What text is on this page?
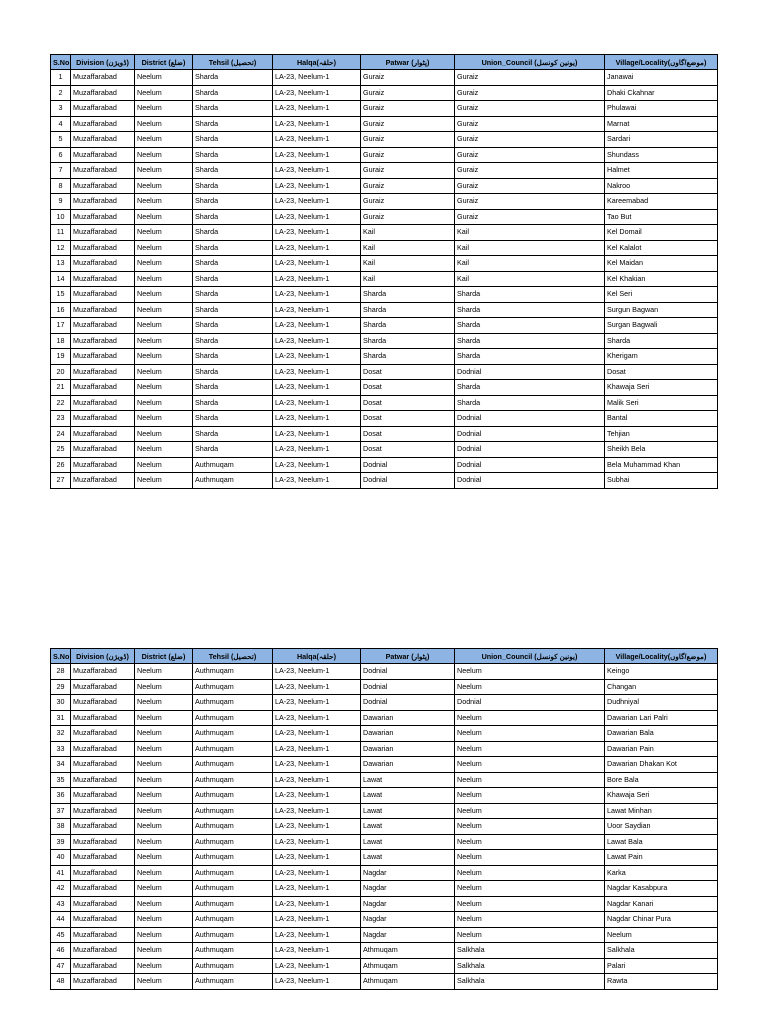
S.No	Division (ڈویژن)	District (ضلع)	Tehsil (تحصیل)	Halqa(حلقہ)	Patwar (پٹوار)	Union_Council (یونین کونسل)	Village/Locality(موضع/گاوں)
1	Muzaffarabad	Neelum	Sharda	LA-23, Neelum-1	Guraiz	Guraiz	Janawai
2	Muzaffarabad	Neelum	Sharda	LA-23, Neelum-1	Guraiz	Guraiz	Dhaki Ckahnar
3	Muzaffarabad	Neelum	Sharda	LA-23, Neelum-1	Guraiz	Guraiz	Phulawai
4	Muzaffarabad	Neelum	Sharda	LA-23, Neelum-1	Guraiz	Guraiz	Marnat
5	Muzaffarabad	Neelum	Sharda	LA-23, Neelum-1	Guraiz	Guraiz	Sardari
6	Muzaffarabad	Neelum	Sharda	LA-23, Neelum-1	Guraiz	Guraiz	Shundass
7	Muzaffarabad	Neelum	Sharda	LA-23, Neelum-1	Guraiz	Guraiz	Halmet
8	Muzaffarabad	Neelum	Sharda	LA-23, Neelum-1	Guraiz	Guraiz	Nakroo
9	Muzaffarabad	Neelum	Sharda	LA-23, Neelum-1	Guraiz	Guraiz	Kareemabad
10	Muzaffarabad	Neelum	Sharda	LA-23, Neelum-1	Guraiz	Guraiz	Tao But
11	Muzaffarabad	Neelum	Sharda	LA-23, Neelum-1	Kail	Kail	Kel Domail
12	Muzaffarabad	Neelum	Sharda	LA-23, Neelum-1	Kail	Kail	Kel Kalalot
13	Muzaffarabad	Neelum	Sharda	LA-23, Neelum-1	Kail	Kail	Kel Maidan
14	Muzaffarabad	Neelum	Sharda	LA-23, Neelum-1	Kail	Kail	Kel Khakian
15	Muzaffarabad	Neelum	Sharda	LA-23, Neelum-1	Sharda	Sharda	Kel Seri
16	Muzaffarabad	Neelum	Sharda	LA-23, Neelum-1	Sharda	Sharda	Surgun Bagwan
17	Muzaffarabad	Neelum	Sharda	LA-23, Neelum-1	Sharda	Sharda	Surgan Bagwali
18	Muzaffarabad	Neelum	Sharda	LA-23, Neelum-1	Sharda	Sharda	Sharda
19	Muzaffarabad	Neelum	Sharda	LA-23, Neelum-1	Sharda	Sharda	Kherigam
20	Muzaffarabad	Neelum	Sharda	LA-23, Neelum-1	Dosat	Dodnial	Dosat
21	Muzaffarabad	Neelum	Sharda	LA-23, Neelum-1	Dosat	Sharda	Khawaja Seri
22	Muzaffarabad	Neelum	Sharda	LA-23, Neelum-1	Dosat	Sharda	Malik Seri
23	Muzaffarabad	Neelum	Sharda	LA-23, Neelum-1	Dosat	Dodnial	Bantal
24	Muzaffarabad	Neelum	Sharda	LA-23, Neelum-1	Dosat	Dodnial	Tehjian
25	Muzaffarabad	Neelum	Sharda	LA-23, Neelum-1	Dosat	Dodnial	Sheikh Bela
26	Muzaffarabad	Neelum	Authmuqam	LA-23, Neelum-1	Dodnial	Dodnial	Bela Muhammad Khan
27	Muzaffarabad	Neelum	Authmuqam	LA-23, Neelum-1	Dodnial	Dodnial	Subhai
S.No	Division (ڈویژن)	District (ضلع)	Tehsil (تحصیل)	Halqa(حلقہ)	Patwar (پٹوار)	Union_Council (یونین کونسل)	Village/Locality(موضع/گاوں)
28	Muzaffarabad	Neelum	Authmuqam	LA-23, Neelum-1	Dodnial	Neelum	Keingo
29	Muzaffarabad	Neelum	Authmuqam	LA-23, Neelum-1	Dodnial	Neelum	Changan
30	Muzaffarabad	Neelum	Authmuqam	LA-23, Neelum-1	Dodnial	Dodnial	Dudhniyal
31	Muzaffarabad	Neelum	Authmuqam	LA-23, Neelum-1	Dawarian	Neelum	Dawarian Lari Palri
32	Muzaffarabad	Neelum	Authmuqam	LA-23, Neelum-1	Dawarian	Neelum	Dawarian Bala
33	Muzaffarabad	Neelum	Authmuqam	LA-23, Neelum-1	Dawarian	Neelum	Dawarian Pain
34	Muzaffarabad	Neelum	Authmuqam	LA-23, Neelum-1	Dawarian	Neelum	Dawarian Dhakan Kot
35	Muzaffarabad	Neelum	Authmuqam	LA-23, Neelum-1	Lawat	Neelum	Bore Bala
36	Muzaffarabad	Neelum	Authmuqam	LA-23, Neelum-1	Lawat	Neelum	Khawaja Seri
37	Muzaffarabad	Neelum	Authmuqam	LA-23, Neelum-1	Lawat	Neelum	Lawat Minhan
38	Muzaffarabad	Neelum	Authmuqam	LA-23, Neelum-1	Lawat	Neelum	Uoor Saydian
39	Muzaffarabad	Neelum	Authmuqam	LA-23, Neelum-1	Lawat	Neelum	Lawat Bala
40	Muzaffarabad	Neelum	Authmuqam	LA-23, Neelum-1	Lawat	Neelum	Lawat Pain
41	Muzaffarabad	Neelum	Authmuqam	LA-23, Neelum-1	Nagdar	Neelum	Karka
42	Muzaffarabad	Neelum	Authmuqam	LA-23, Neelum-1	Nagdar	Neelum	Nagdar Kasabpura
43	Muzaffarabad	Neelum	Authmuqam	LA-23, Neelum-1	Nagdar	Neelum	Nagdar Kanari
44	Muzaffarabad	Neelum	Authmuqam	LA-23, Neelum-1	Nagdar	Neelum	Nagdar Chinar Pura
45	Muzaffarabad	Neelum	Authmuqam	LA-23, Neelum-1	Nagdar	Neelum	Neelum
46	Muzaffarabad	Neelum	Authmuqam	LA-23, Neelum-1	Athmuqam	Salkhala	Salkhala
47	Muzaffarabad	Neelum	Authmuqam	LA-23, Neelum-1	Athmuqam	Salkhala	Palari
48	Muzaffarabad	Neelum	Authmuqam	LA-23, Neelum-1	Athmuqam	Salkhala	Rawta
